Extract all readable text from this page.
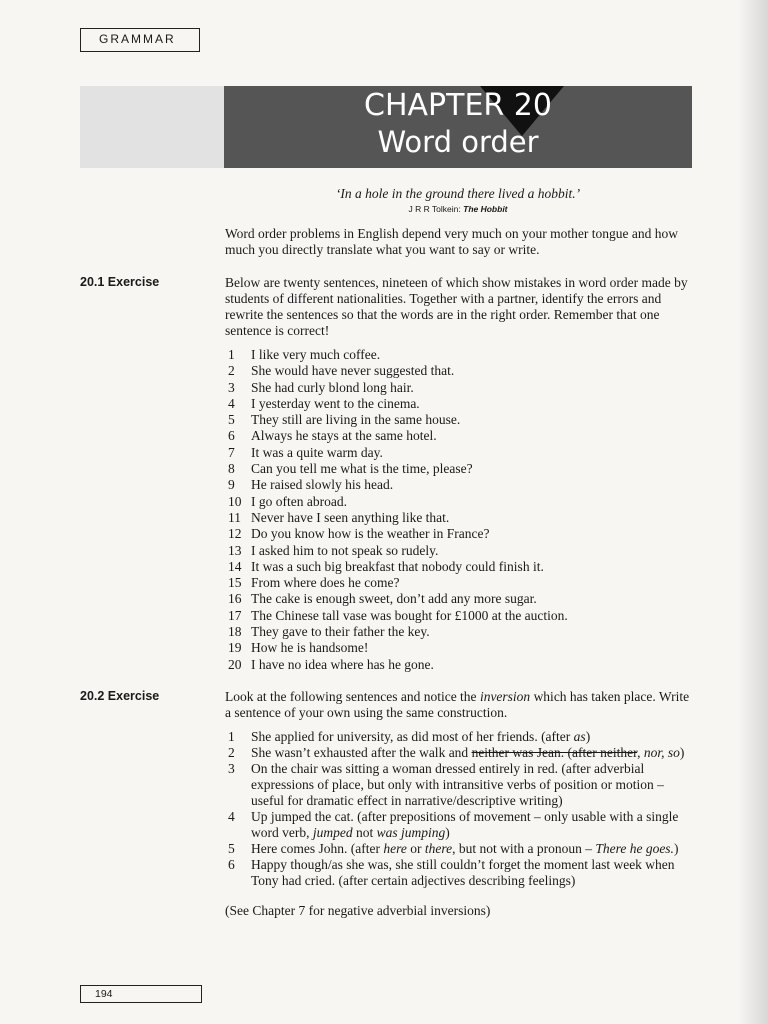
GRAMMAR
CHAPTER 20
Word order
‘In a hole in the ground there lived a hobbit.’
J R R Tolkein: The Hobbit
Word order problems in English depend very much on your mother tongue and how much you directly translate what you want to say or write.
20.1 Exercise	Below are twenty sentences, nineteen of which show mistakes in word order made by students of different nationalities. Together with a partner, identify the errors and rewrite the sentences so that the words are in the right order. Remember that one sentence is correct!
1 I like very much coffee.
2 She would have never suggested that.
3 She had curly blond long hair.
4 I yesterday went to the cinema.
5 They still are living in the same house.
6 Always he stays at the same hotel.
7 It was a quite warm day.
8 Can you tell me what is the time, please?
9 He raised slowly his head.
10 I go often abroad.
11 Never have I seen anything like that.
12 Do you know how is the weather in France?
13 I asked him to not speak so rudely.
14 It was a such big breakfast that nobody could finish it.
15 From where does he come?
16 The cake is enough sweet, don’t add any more sugar.
17 The Chinese tall vase was bought for £1000 at the auction.
18 They gave to their father the key.
19 How he is handsome!
20 I have no idea where has he gone.
20.2 Exercise	Look at the following sentences and notice the inversion which has taken place. Write a sentence of your own using the same construction.
1 She applied for university, as did most of her friends. (after as)
2 She wasn’t exhausted after the walk and neither was Jean. (after neither, nor, so)
3 On the chair was sitting a woman dressed entirely in red. (after adverbial expressions of place, but only with intransitive verbs of position or motion – useful for dramatic effect in narrative/descriptive writing)
4 Up jumped the cat. (after prepositions of movement – only usable with a single word verb, jumped not was jumping)
5 Here comes John. (after here or there, but not with a pronoun – There he goes.)
6 Happy though/as she was, she still couldn’t forget the moment last week when Tony had cried. (after certain adjectives describing feelings)
(See Chapter 7 for negative adverbial inversions)
194
